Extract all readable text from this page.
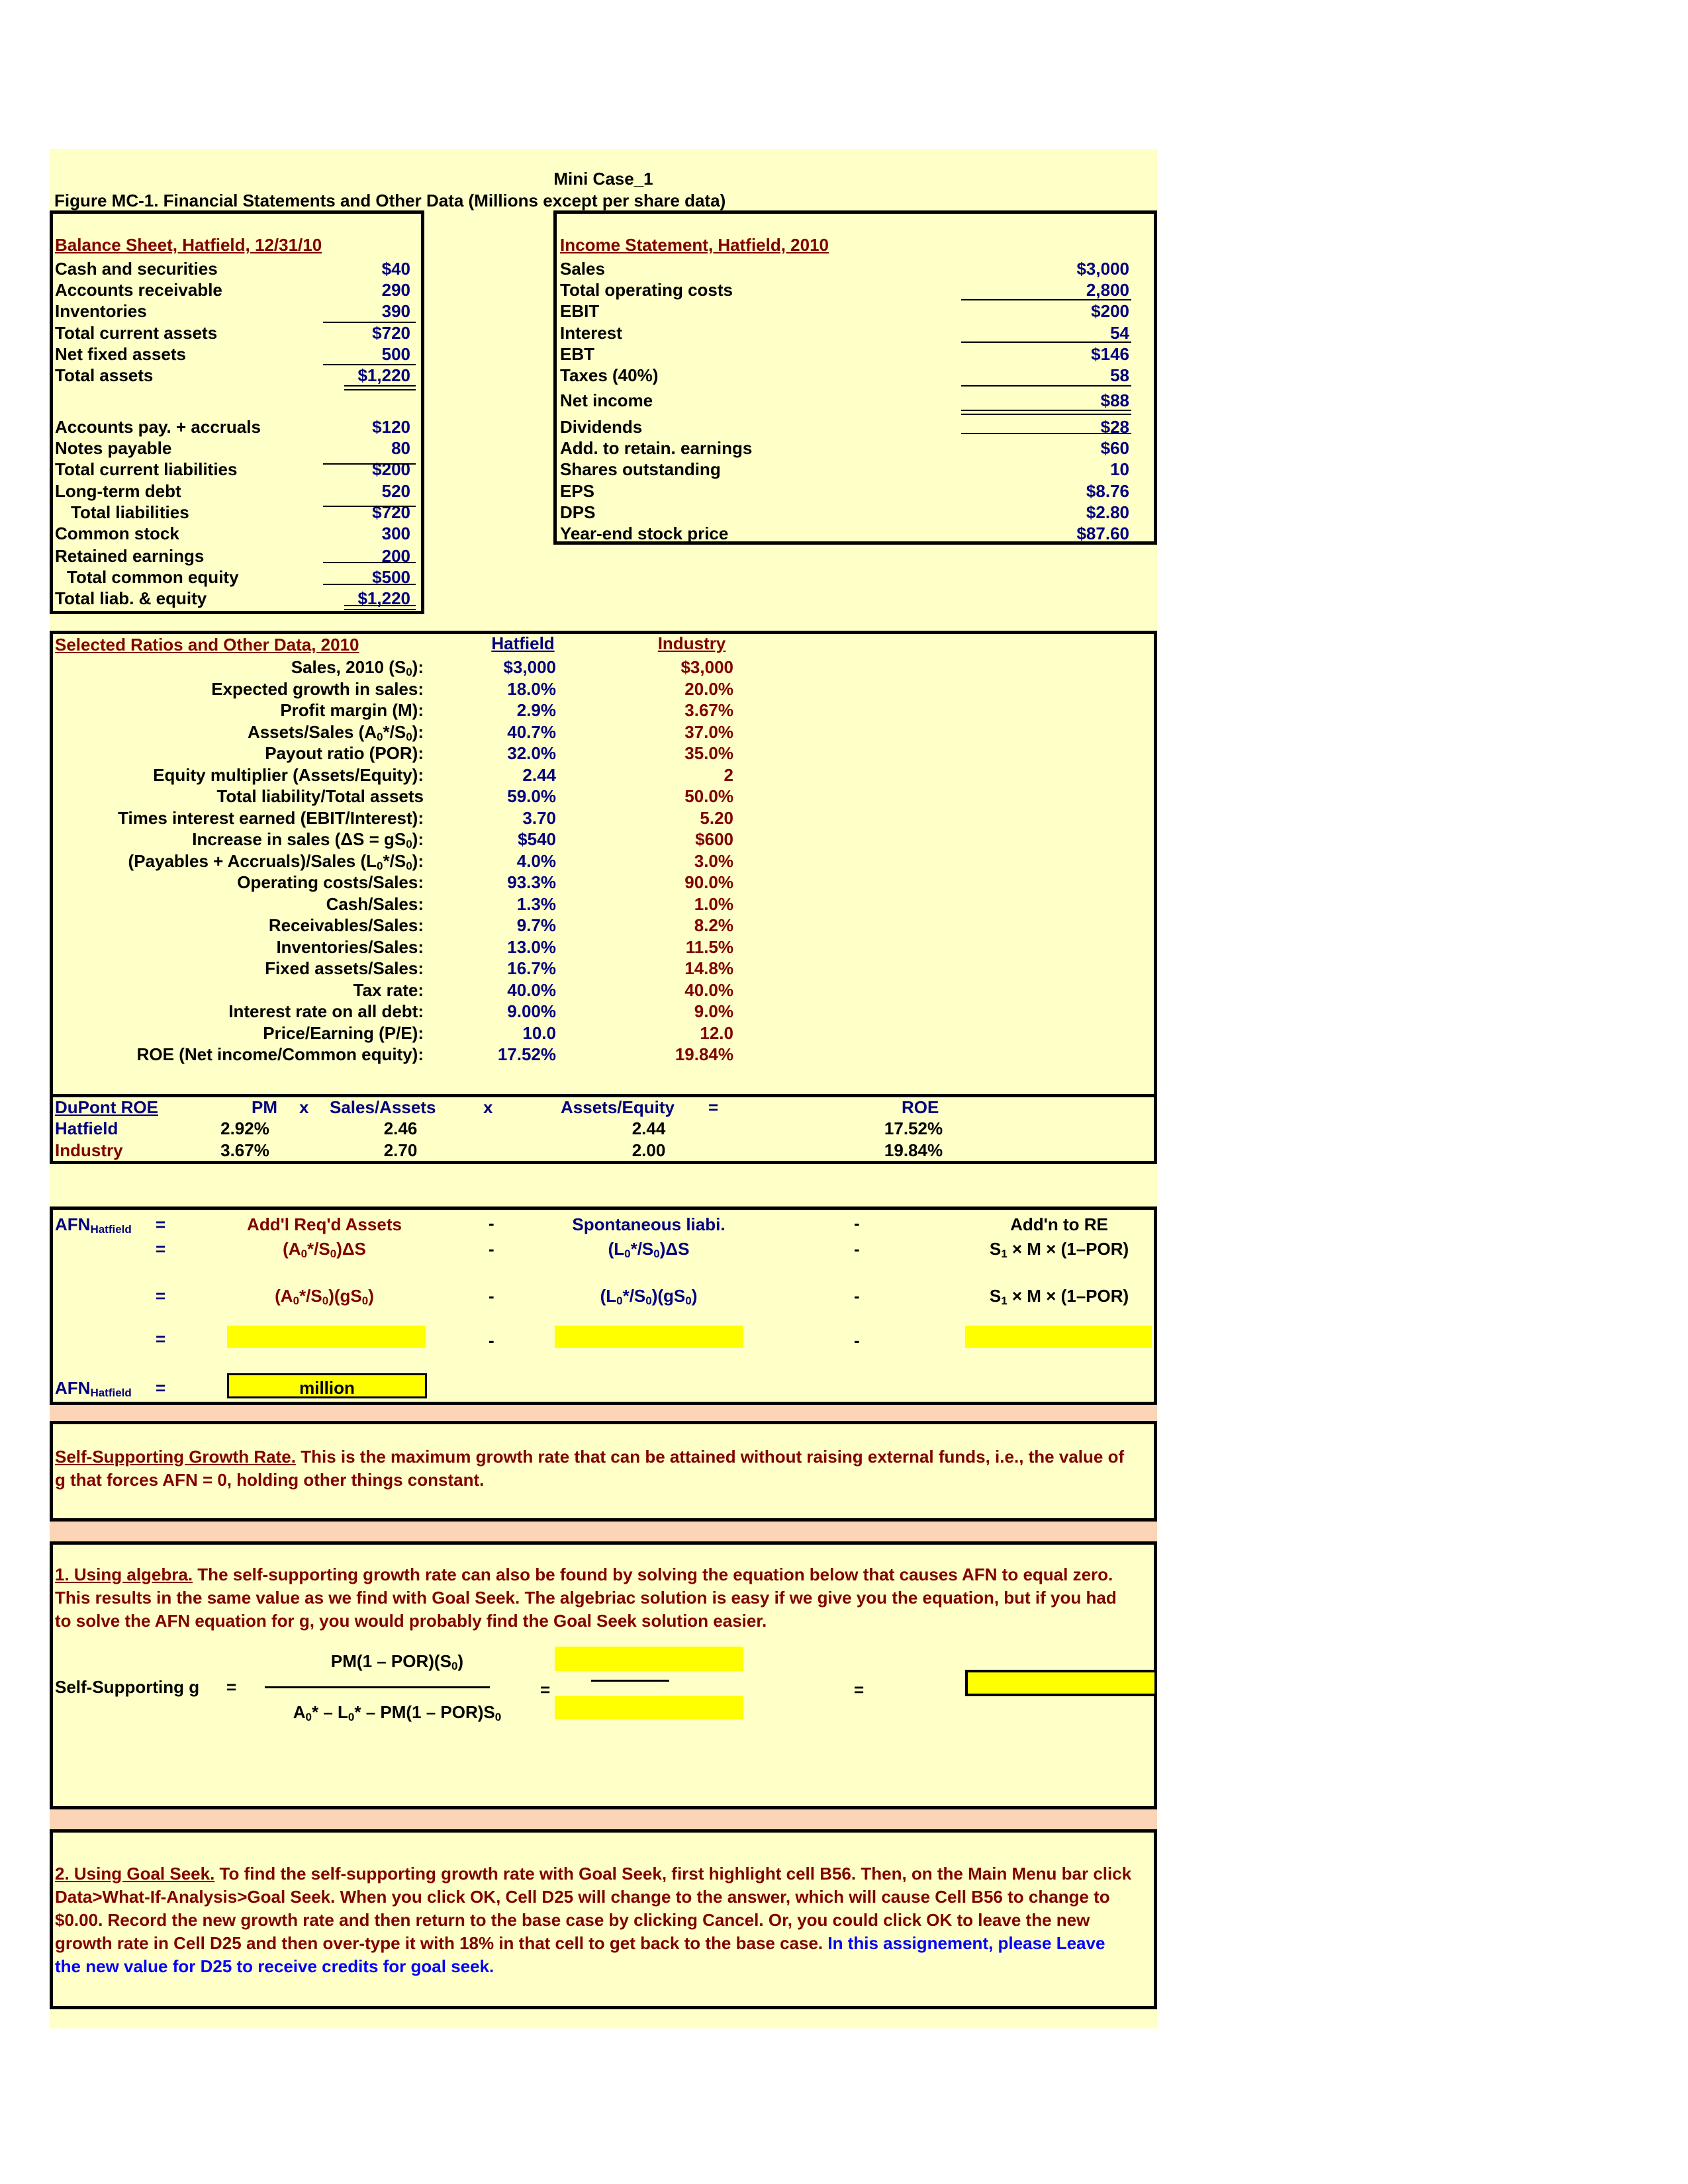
Mini Case_1
Figure MC-1. Financial Statements and Other Data (Millions except per share data)
Balance Sheet, Hatfield, 12/31/10
Cash and securities	$40
Accounts receivable	290
Inventories	390
Total current assets	$720
Net fixed assets	500
Total assets	$1,220
Accounts pay. + accruals	$120
Notes payable	80
Total current liabilities	$200
Long-term debt	520
Total liabilities	$720
Common stock	300
Retained earnings	200
Total common equity	$500
Total liab. & equity	$1,220
Income Statement, Hatfield, 2010
Sales	$3,000
Total operating costs	2,800
EBIT	$200
Interest	54
EBT	$146
Taxes (40%)	58
Net income	$88
Dividends	$28
Add. to retain. earnings	$60
Shares outstanding	10
EPS	$8.76
DPS	$2.80
Year-end stock price	$87.60
Selected Ratios and Other Data, 2010	Hatfield	Industry
Sales, 2010 $(S_0)$:	$3,000	$3,000
Expected growth in sales:	18.0%	20.0%
Profit margin (M):	2.9%	3.67%
Assets/Sales $(A_0*/S_0)$:	40.7%	37.0%
Payout ratio (POR):	32.0%	35.0%
Equity multiplier (Assets/Equity):	2.44	2
Total liability/Total assets	59.0%	50.0%
Times interest earned (EBIT/Interest):	3.70	5.20
Increase in sales $(\Delta S = gS_0)$:	$540	$600
(Payables + Accruals)/Sales $(L_0*/S_0)$:	4.0%	3.0%
Operating costs/Sales:	93.3%	90.0%
Cash/Sales:	1.3%	1.0%
Receivables/Sales:	9.7%	8.2%
Inventories/Sales:	13.0%	11.5%
Fixed assets/Sales:	16.7%	14.8%
Tax rate:	40.0%	40.0%
Interest rate on all debt:	9.00%	9.0%
Price/Earning (P/E):	10.0	12.0
ROE (Net income/Common equity):	17.52%	19.84%
DuPont ROE	PM x Sales/Assets	x	Assets/Equity =	ROE
Hatfield	2.92%	2.46	2.44	17.52%
Industry	3.67%	2.70	2.00	19.84%
$AFN_{Hatfield}$ =	Add'l Req'd Assets	-	Spontaneous liabi.	-	Add'n to RE
=	$(A_0*/S_0)\Delta S$	-	$(L_0*/S_0)\Delta S$	-	$S_1 \times M \times (1-POR)$
=	$(A_0*/S_0)(gS_0)$	-	$(L_0*/S_0)(gS_0)$	-	$S_1 \times M \times (1-POR)$
=	-	-
$AFN_{Hatfield}$ =	million
Self-Supporting Growth Rate. This is the maximum growth rate that can be attained without raising external funds, i.e., the value of g that forces AFN = 0, holding other things constant.
1. Using algebra. The self-supporting growth rate can also be found by solving the equation below that causes AFN to equal zero. This results in the same value as we find with Goal Seek. The algebriac solution is easy if we give you the equation, but if you had to solve the AFN equation for g, you would probably find the Goal Seek solution easier.
$PM(1 - POR)(S_0)$
Self-Supporting g =
$A_0* - L_0* - PM(1 - POR)S_0$
=	=
2. Using Goal Seek. To find the self-supporting growth rate with Goal Seek, first highlight cell B56. Then, on the Main Menu bar click Data>What-If-Analysis>Goal Seek. When you click OK, Cell D25 will change to the answer, which will cause Cell B56 to change to $0.00. Record the new growth rate and then return to the base case by clicking Cancel. Or, you could click OK to leave the new growth rate in Cell D25 and then over-type it with 18% in that cell to get back to the base case. In this assignement, please Leave the new value for D25 to receive credits for goal seek.
